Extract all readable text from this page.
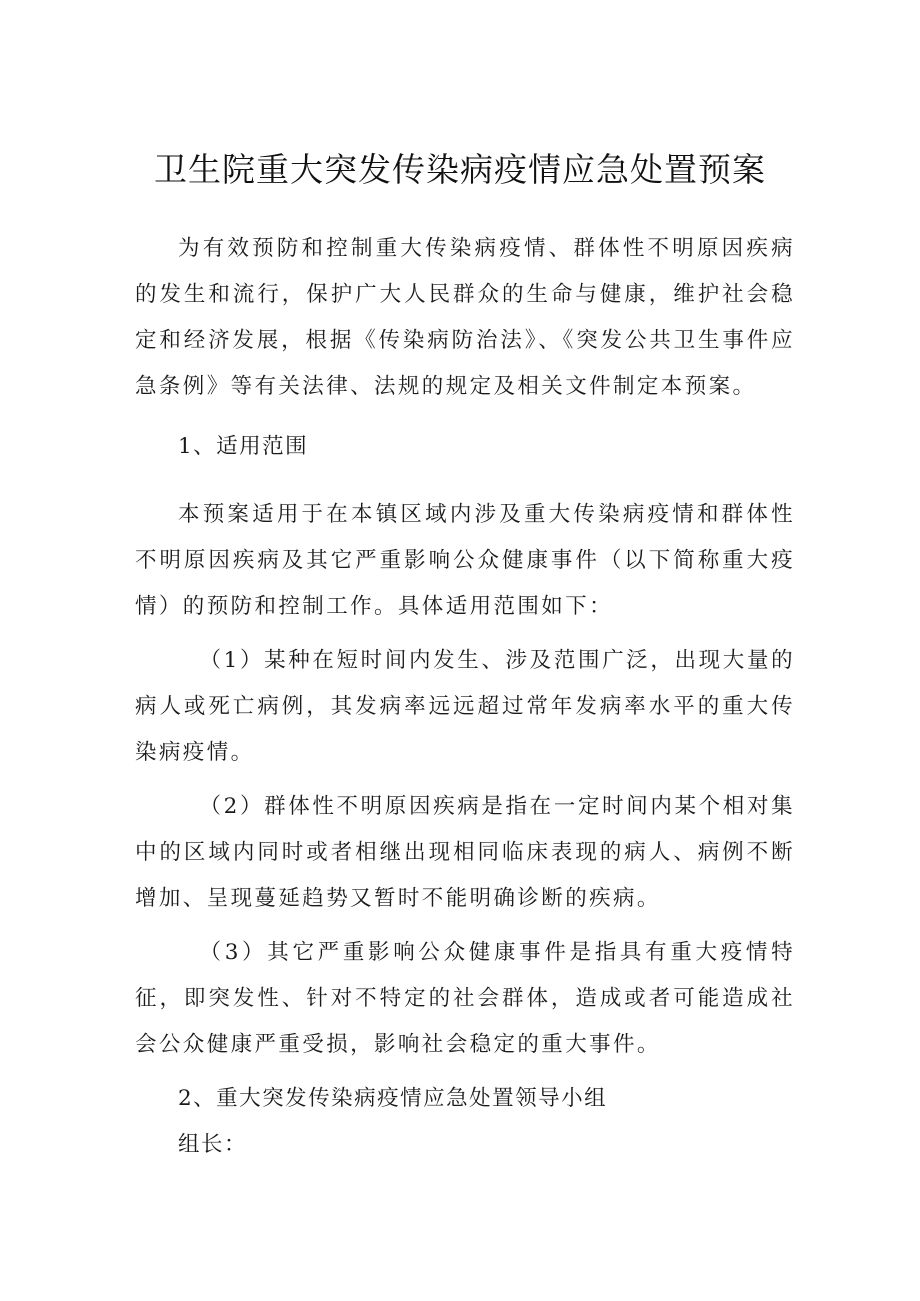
卫生院重大突发传染病疫情应急处置预案

为有效预防和控制重大传染病疫情、群体性不明原因疾病的发生和流行，保护广大人民群众的生命与健康，维护社会稳定和经济发展，根据《传染病防治法》、《突发公共卫生事件应急条例》等有关法律、法规的规定及相关文件制定本预案。

1、适用范围

本预案适用于在本镇区域内涉及重大传染病疫情和群体性不明原因疾病及其它严重影响公众健康事件（以下简称重大疫情）的预防和控制工作。具体适用范围如下：

（1）某种在短时间内发生、涉及范围广泛，出现大量的病人或死亡病例，其发病率远远超过常年发病率水平的重大传染病疫情。

（2）群体性不明原因疾病是指在一定时间内某个相对集中的区域内同时或者相继出现相同临床表现的病人、病例不断增加、呈现蔓延趋势又暂时不能明确诊断的疾病。

（3）其它严重影响公众健康事件是指具有重大疫情特征，即突发性、针对不特定的社会群体，造成或者可能造成社会公众健康严重受损，影响社会稳定的重大事件。

2、重大突发传染病疫情应急处置领导小组

组长：
